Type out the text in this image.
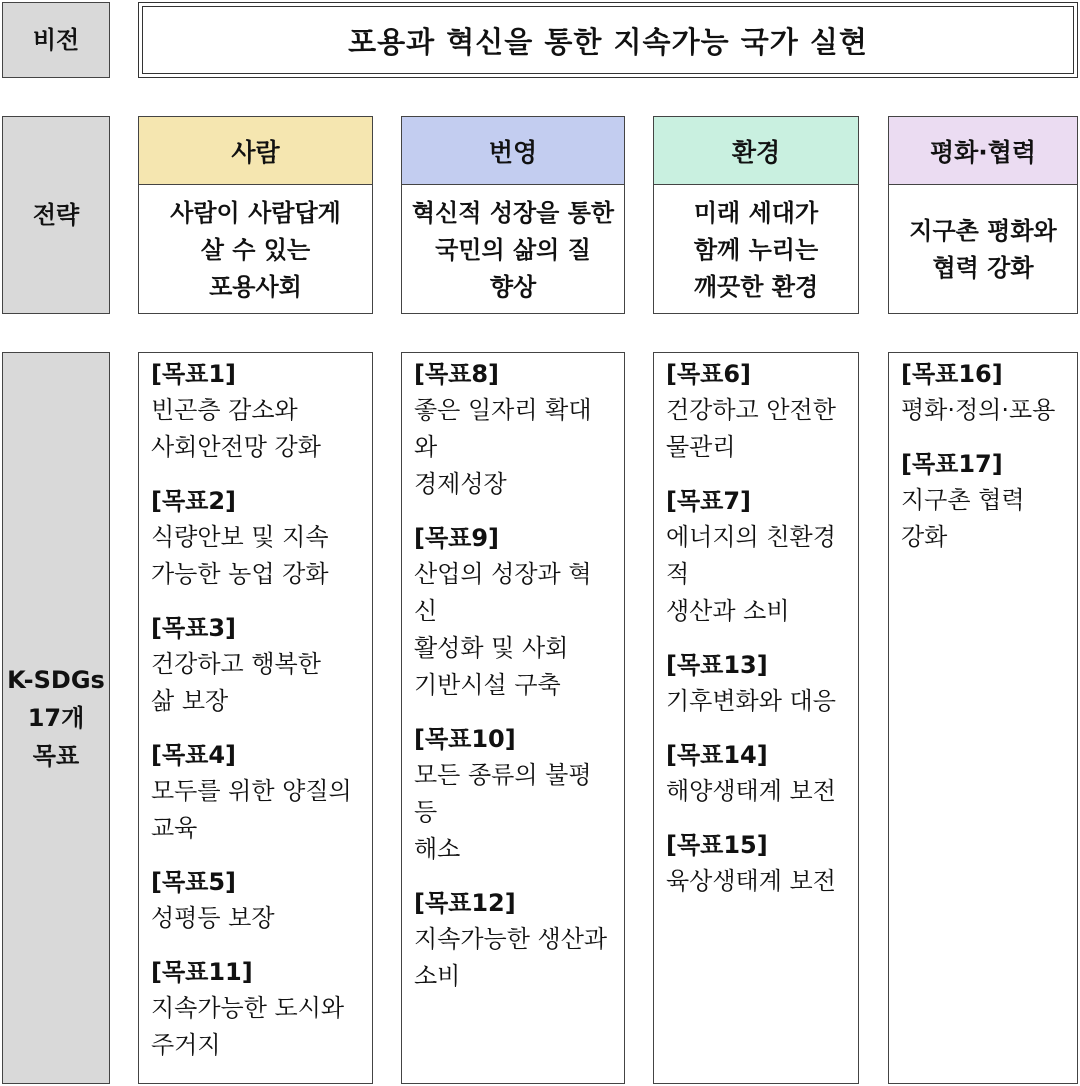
비전
전략
K-SDGs
17개
목표
포용과 혁신을 통한 지속가능 국가 실현
사람
사람이 사람답게
살 수 있는
포용사회
번영
혁신적 성장을 통한
국민의 삶의 질
향상
환경
미래 세대가
함께 누리는
깨끗한 환경
평화·협력
지구촌 평화와
협력 강화
[목표1]
빈곤층 감소와
사회안전망 강화
[목표2]
식량안보 및 지속
가능한 농업 강화
[목표3]
건강하고 행복한
삶 보장
[목표4]
모두를 위한 양질의
교육
[목표5]
성평등 보장
[목표11]
지속가능한 도시와
주거지
[목표8]
좋은 일자리 확대와
경제성장
[목표9]
산업의 성장과 혁신
활성화 및 사회
기반시설 구축
[목표10]
모든 종류의 불평등
해소
[목표12]
지속가능한 생산과
소비
[목표6]
건강하고 안전한
물관리
[목표7]
에너지의 친환경적
생산과 소비
[목표13]
기후변화와 대응
[목표14]
해양생태계 보전
[목표15]
육상생태계 보전
[목표16]
평화·정의·포용
[목표17]
지구촌 협력
강화
